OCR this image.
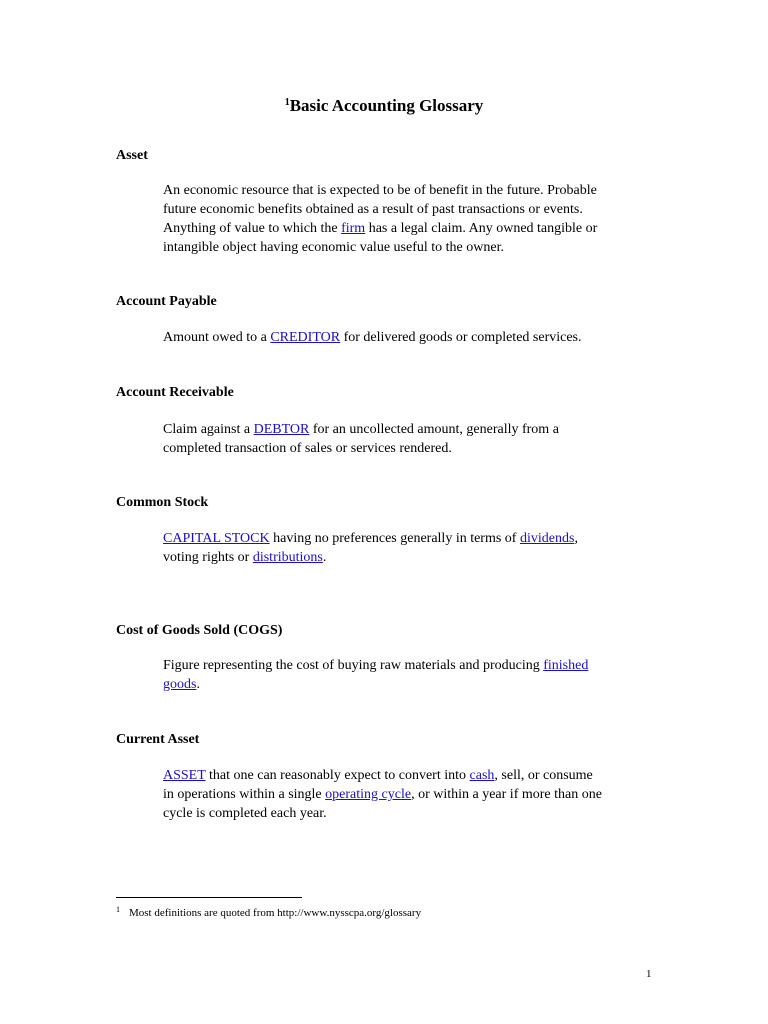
$^1$Basic Accounting Glossary
Asset

An economic resource that is expected to be of benefit in the future. Probable

future economic benefits obtained as a result of past transactions or events.

Anything of value to which the firm has a legal claim. Any owned tangible or

intangible object having economic value useful to the owner.

Account Payable

Amount owed to a CREDITOR for delivered goods or completed services.

Account Receivable

Claim against a DEBTOR for an uncollected amount, generally from a

completed transaction of sales or services rendered.

Common Stock

CAPITAL STOCK having no preferences generally in terms of dividends,

voting rights or distributions.

Cost of Goods Sold (COGS)

Figure representing the cost of buying raw materials and producing finished

goods.

Current Asset

ASSET that one can reasonably expect to convert into cash, sell, or consume

in operations within a single operating cycle, or within a year if more than one

cycle is completed each year.

$^1$ Most definitions are quoted from http://www.nysscpa.org/glossary
1
